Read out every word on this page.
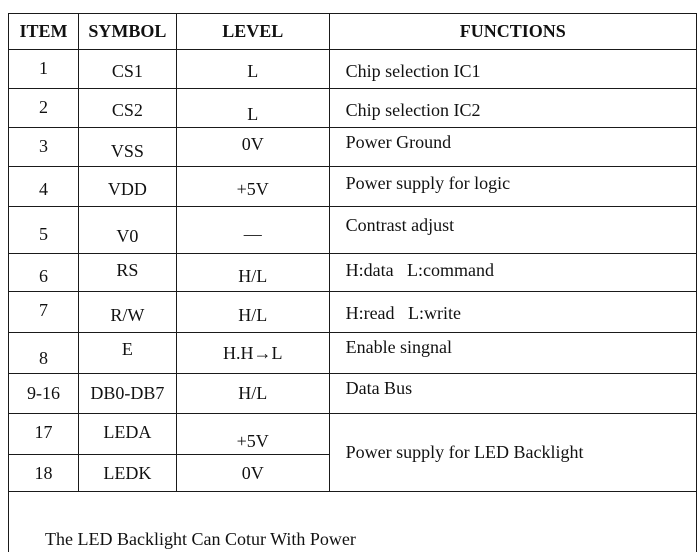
ITEM	SYMBOL	LEVEL	FUNCTIONS
1	CS1	L	Chip selection IC1
2	CS2	L	Chip selection IC2
3	VSS	0V	Power Ground
4	VDD	+5V	Power supply for logic
5	V0	—	Contrast adjust
6	RS	H/L	H:data   L:command
7	R/W	H/L	H:read   L:write
8	E	H.H→L	Enable singnal
9-16	DB0-DB7	H/L	Data Bus
17	LEDA	+5V	Power supply for LED Backlight
18	LEDK	0V	

The LED Backlight Can Cotur With Power			
